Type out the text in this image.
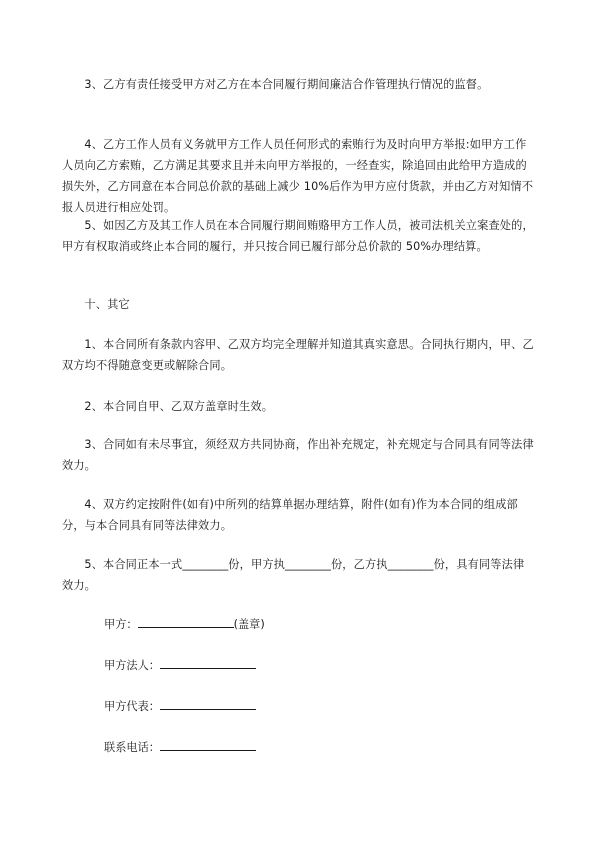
3、乙方有责任接受甲方对乙方在本合同履行期间廉洁合作管理执行情况的监督。

4、乙方工作人员有义务就甲方工作人员任何形式的索贿行为及时向甲方举报:如甲方工作人员向乙方索贿，乙方满足其要求且并未向甲方举报的，一经查实，除追回由此给甲方造成的损失外，乙方同意在本合同总价款的基础上减少 10%后作为甲方应付货款，并由乙方对知情不报人员进行相应处罚。

5、如因乙方及其工作人员在本合同履行期间贿赂甲方工作人员，被司法机关立案查处的，甲方有权取消或终止本合同的履行，并只按合同已履行部分总价款的 50%办理结算。

十、其它

1、本合同所有条款内容甲、乙双方均完全理解并知道其真实意思。合同执行期内，甲、乙双方均不得随意变更或解除合同。

2、本合同自甲、乙双方盖章时生效。

3、合同如有未尽事宜，须经双方共同协商，作出补充规定，补充规定与合同具有同等法律效力。

4、双方约定按附件(如有)中所列的结算单据办理结算，附件(如有)作为本合同的组成部分，与本合同具有同等法律效力。

5、本合同正本一式________份，甲方执________份，乙方执________份，具有同等法律效力。

甲方：	(盖章)
甲方法人：
甲方代表：
联系电话：
